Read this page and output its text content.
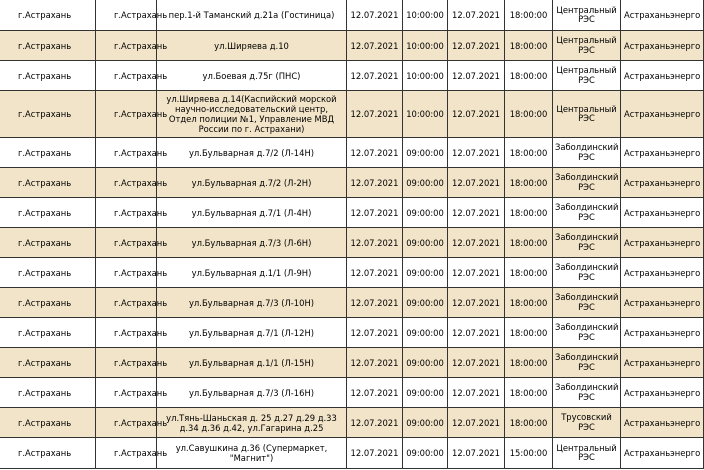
г.Астрахань	г.Астрахань	пер.1-й Таманский д.21а (Гостиница)	12.07.2021	10:00:00	12.07.2021	18:00:00	Центральный РЭС	Астраханьэнерго
г.Астрахань	г.Астрахань	ул.Ширяева д.10	12.07.2021	10:00:00	12.07.2021	18:00:00	Центральный РЭС	Астраханьэнерго
г.Астрахань	г.Астрахань	ул.Боевая д.75г (ПНС)	12.07.2021	10:00:00	12.07.2021	18:00:00	Центральный РЭС	Астраханьэнерго
г.Астрахань	г.Астрахань	ул.Ширяева д.14(Каспийский морской научно-исследовательский центр, Отдел полиции №1, Управление МВД России по г. Астрахани)	12.07.2021	10:00:00	12.07.2021	18:00:00	Центральный РЭС	Астраханьэнерго
г.Астрахань	г.Астрахань	ул.Бульварная д.7/2 (Л-14Н)	12.07.2021	09:00:00	12.07.2021	18:00:00	Заболдинский РЭС	Астраханьэнерго
г.Астрахань	г.Астрахань	ул.Бульварная д.7/2 (Л-2Н)	12.07.2021	09:00:00	12.07.2021	18:00:00	Заболдинский РЭС	Астраханьэнерго
г.Астрахань	г.Астрахань	ул.Бульварная д.7/1 (Л-4Н)	12.07.2021	09:00:00	12.07.2021	18:00:00	Заболдинский РЭС	Астраханьэнерго
г.Астрахань	г.Астрахань	ул.Бульварная д.7/3 (Л-6Н)	12.07.2021	09:00:00	12.07.2021	18:00:00	Заболдинский РЭС	Астраханьэнерго
г.Астрахань	г.Астрахань	ул.Бульварная д.1/1 (Л-9Н)	12.07.2021	09:00:00	12.07.2021	18:00:00	Заболдинский РЭС	Астраханьэнерго
г.Астрахань	г.Астрахань	ул.Бульварная д.7/3 (Л-10Н)	12.07.2021	09:00:00	12.07.2021	18:00:00	Заболдинский РЭС	Астраханьэнерго
г.Астрахань	г.Астрахань	ул.Бульварная д.7/1 (Л-12Н)	12.07.2021	09:00:00	12.07.2021	18:00:00	Заболдинский РЭС	Астраханьэнерго
г.Астрахань	г.Астрахань	ул.Бульварная д.1/1 (Л-15Н)	12.07.2021	09:00:00	12.07.2021	18:00:00	Заболдинский РЭС	Астраханьэнерго
г.Астрахань	г.Астрахань	ул.Бульварная д.7/3 (Л-16Н)	12.07.2021	09:00:00	12.07.2021	18:00:00	Заболдинский РЭС	Астраханьэнерго
г.Астрахань	г.Астрахань	ул.Тянь-Шаньская д. 25 д.27 д.29 д.33 д.34 д.36 д.42, ул.Гагарина д.25	12.07.2021	09:00:00	12.07.2021	18:00:00	Трусовский РЭС	Астраханьэнерго
г.Астрахань	г.Астрахань	ул.Савушкина д.36 (Супермаркет, "Магнит")	12.07.2021	09:00:00	12.07.2021	15:00:00	Центральный РЭС	Астраханьэнерго
